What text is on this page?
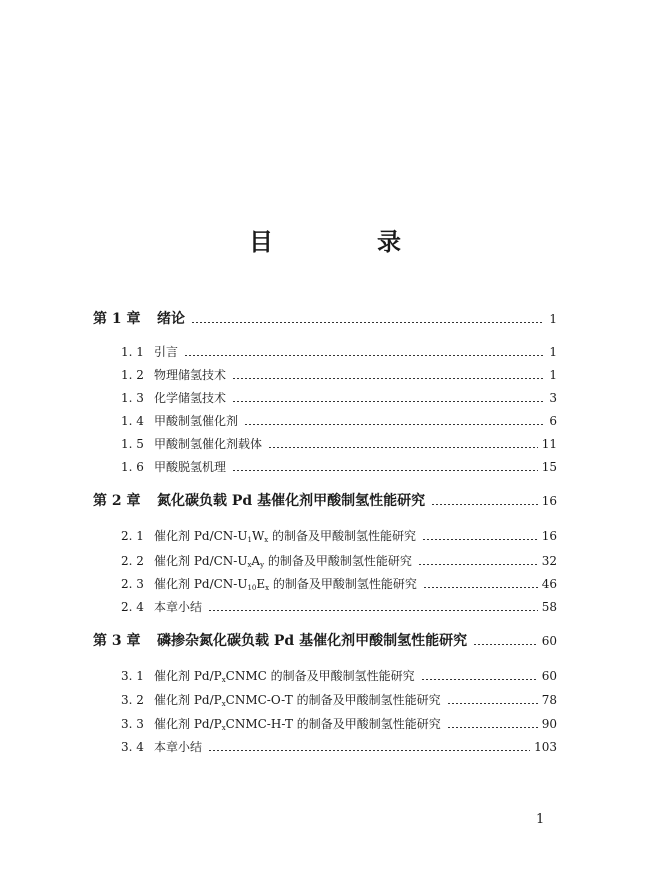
目　录
第 1 章	绪论	1
1. 1 引言	1
1. 2 物理储氢技术	1
1. 3 化学储氢技术	3
1. 4 甲酸制氢催化剂	6
1. 5 甲酸制氢催化剂载体	11
1. 6 甲酸脱氢机理	15
第 2 章	氮化碳负载 Pd 基催化剂甲酸制氢性能研究	16
2. 1 催化剂 $Pd/CN-U_1W_x$ 的制备及甲酸制氢性能研究	16
2. 2 催化剂 $Pd/CN-U_xA_y$ 的制备及甲酸制氢性能研究	32
2. 3 催化剂 $Pd/CN-U_{10}E_x$ 的制备及甲酸制氢性能研究	46
2. 4 本章小结	58
第 3 章	磷掺杂氮化碳负载 Pd 基催化剂甲酸制氢性能研究	60
3. 1 催化剂 $Pd/P_xCNMC$ 的制备及甲酸制氢性能研究	60
3. 2 催化剂 $Pd/P_xCNMC-O-T$ 的制备及甲酸制氢性能研究	78
3. 3 催化剂 $Pd/P_xCNMC-H-T$ 的制备及甲酸制氢性能研究	90
3. 4 本章小结	103
1
